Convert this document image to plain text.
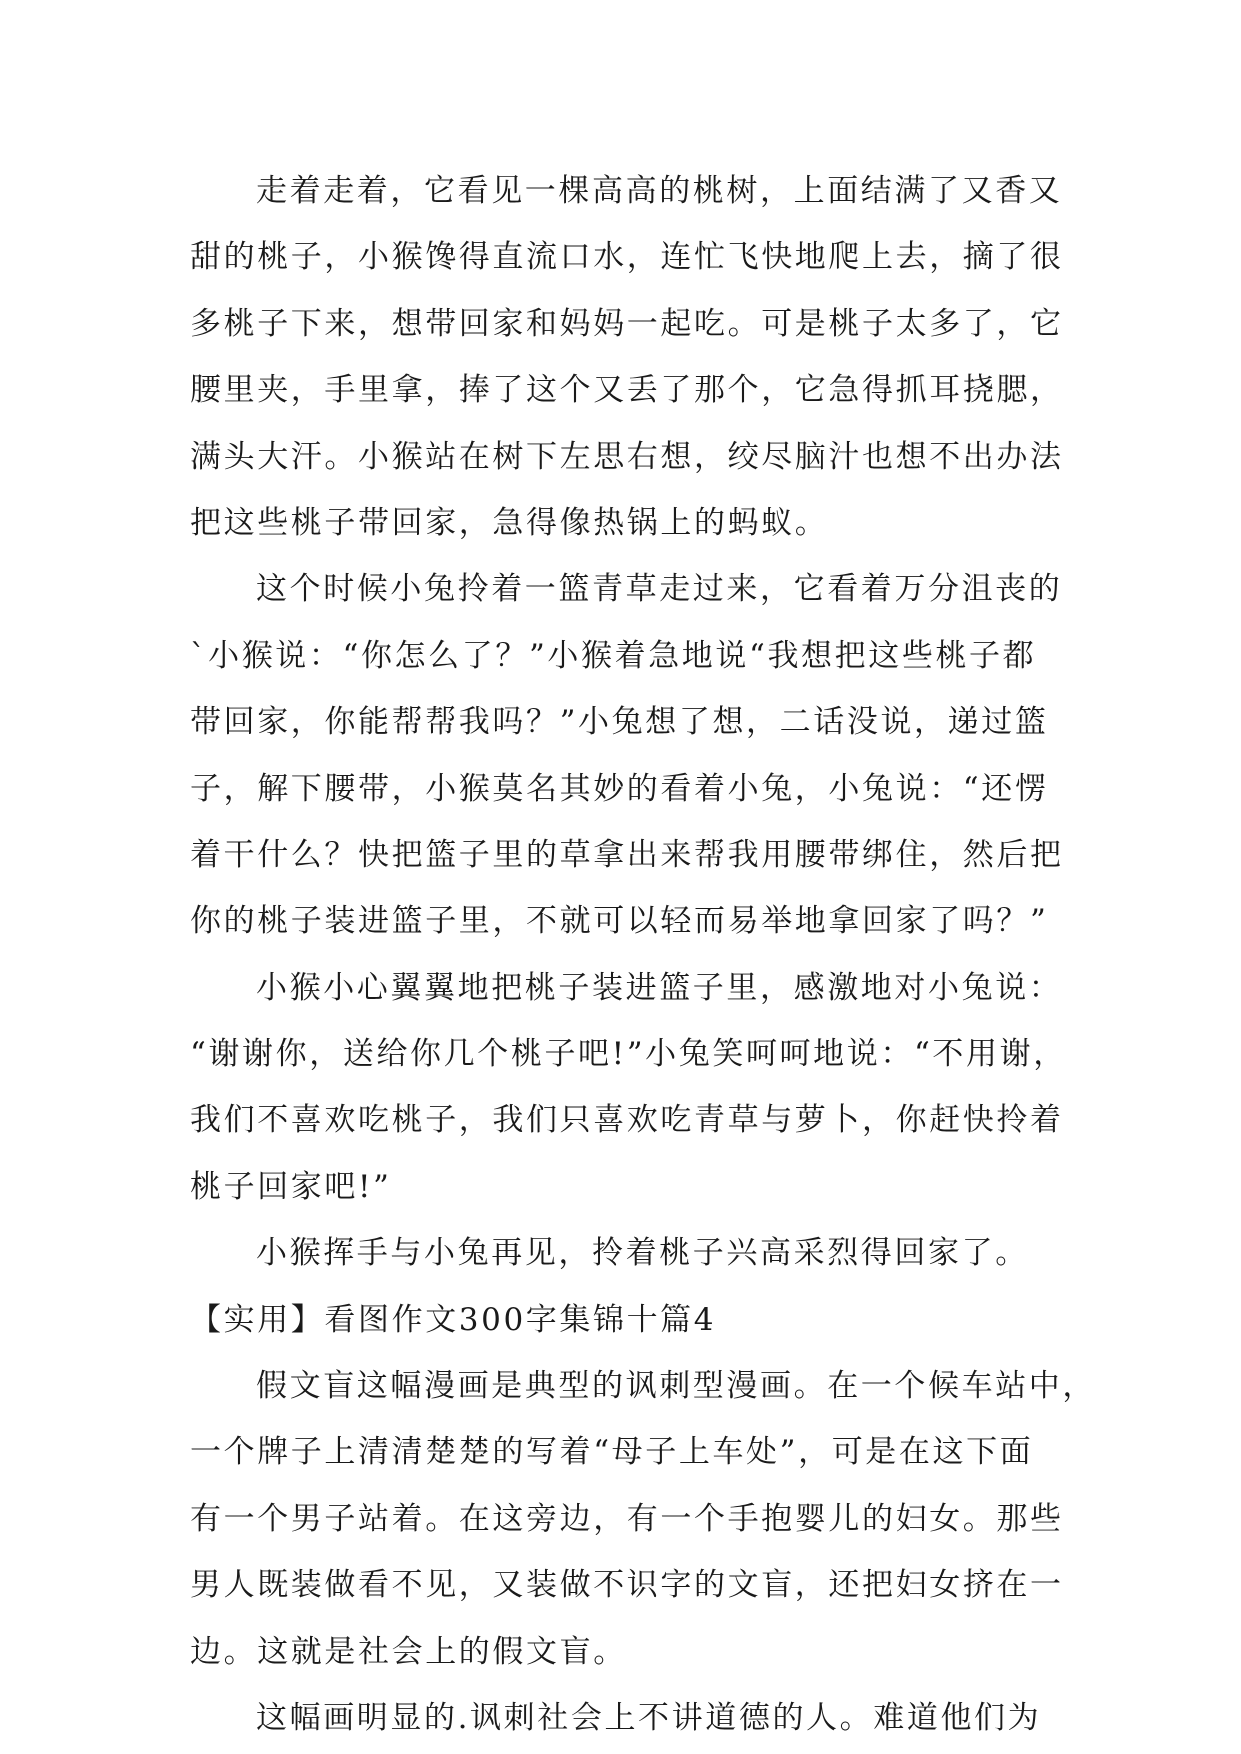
走着走着，它看见一棵高高的桃树，上面结满了又香又
甜的桃子，小猴馋得直流口水，连忙飞快地爬上去，摘了很
多桃子下来，想带回家和妈妈一起吃。可是桃子太多了，它
腰里夹，手里拿，捧了这个又丢了那个，它急得抓耳挠腮，
满头大汗。小猴站在树下左思右想，绞尽脑汁也想不出办法
把这些桃子带回家，急得像热锅上的蚂蚁。
这个时候小兔拎着一篮青草走过来，它看着万分沮丧的
`小猴说：“你怎么了？”小猴着急地说“我想把这些桃子都
带回家，你能帮帮我吗？”小兔想了想，二话没说，递过篮
子，解下腰带，小猴莫名其妙的看着小兔，小兔说：“还愣
着干什么？快把篮子里的草拿出来帮我用腰带绑住，然后把
你的桃子装进篮子里，不就可以轻而易举地拿回家了吗？”
小猴小心翼翼地把桃子装进篮子里，感激地对小兔说：
“谢谢你，送给你几个桃子吧!”小兔笑呵呵地说：“不用谢，
我们不喜欢吃桃子，我们只喜欢吃青草与萝卜，你赶快拎着
桃子回家吧!”
小猴挥手与小兔再见，拎着桃子兴高采烈得回家了。
【实用】看图作文300字集锦十篇4
假文盲这幅漫画是典型的讽刺型漫画。在一个候车站中，
一个牌子上清清楚楚的写着“母子上车处”，可是在这下面
有一个男子站着。在这旁边，有一个手抱婴儿的妇女。那些
男人既装做看不见，又装做不识字的文盲，还把妇女挤在一
边。这就是社会上的假文盲。
这幅画明显的.讽刺社会上不讲道德的人。难道他们为
